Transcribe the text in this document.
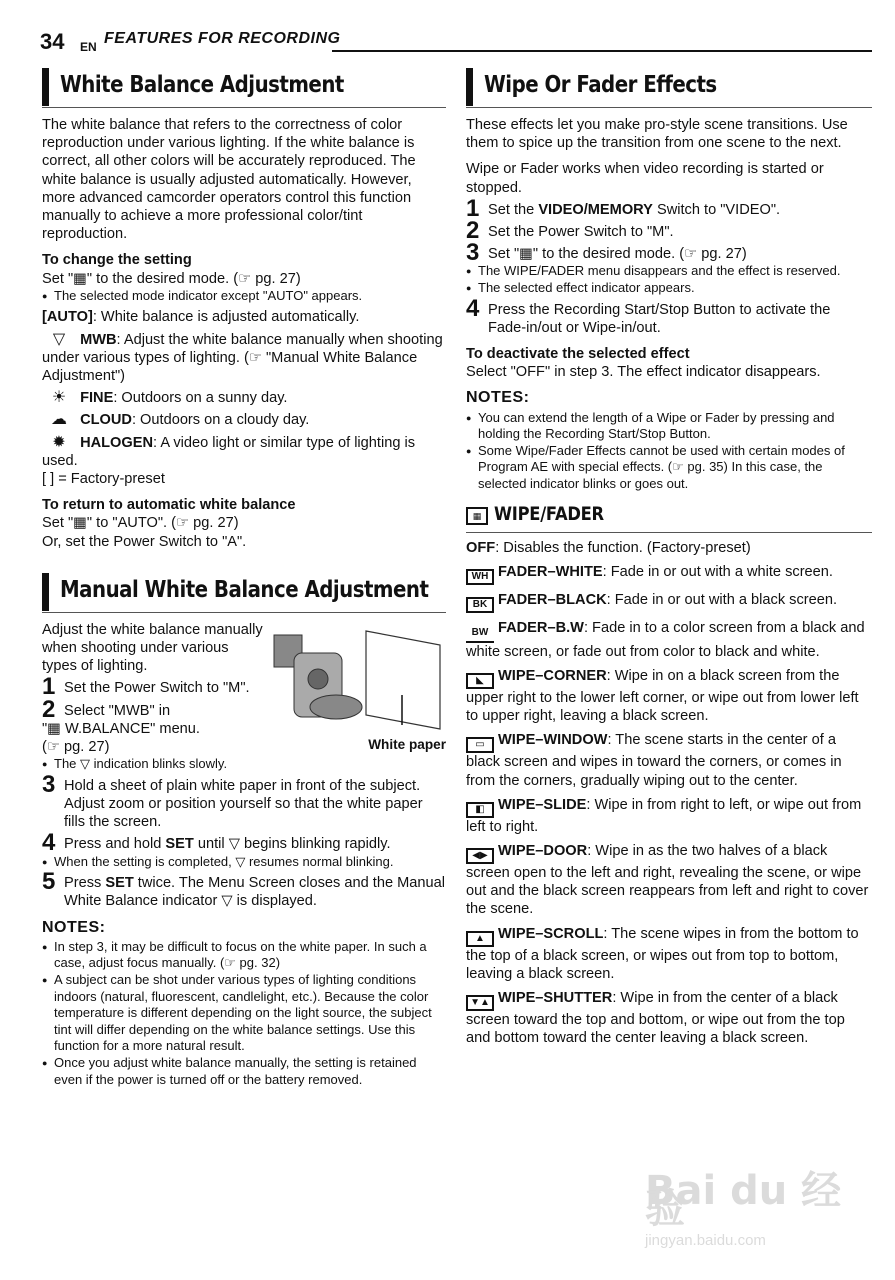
34 EN FEATURES FOR RECORDING
White Balance Adjustment

The white balance that refers to the correctness of color reproduction under various lighting. If the white balance is correct, all other colors will be accurately reproduced. The white balance is usually adjusted automatically. However, more advanced camcorder operators control this function manually to achieve a more professional color/tint reproduction.

To change the setting

Set "▦" to the desired mode. (☞ pg. 27)

● The selected mode indicator except "AUTO" appears.

[AUTO]: White balance is adjusted automatically.

▽ MWB: Adjust the white balance manually when shooting under various types of lighting. (☞ "Manual White Balance Adjustment")

☀ FINE: Outdoors on a sunny day.

☁ CLOUD: Outdoors on a cloudy day.

✹ HALOGEN: A video light or similar type of lighting is used.

[ ] = Factory-preset

To return to automatic white balance

Set "▦" to "AUTO". (☞ pg. 27)

Or, set the Power Switch to "A".

Manual White Balance Adjustment

Adjust the white balance manually when shooting under various types of lighting.

1 Set the Power Switch to "M".
2 Select "MWB" in

"▦ W.BALANCE" menu.

(☞ pg. 27)

● The ▽ indication blinks slowly.

3 Hold a sheet of plain white paper in front of the subject. Adjust zoom or position yourself so that the white paper fills the screen.
4 Press and hold SET until ▽ begins blinking rapidly.

● When the setting is completed, ▽ resumes normal blinking.

5 Press SET twice. The Menu Screen closes and the Manual White Balance indicator ▽ is displayed.

NOTES:

● In step 3, it may be difficult to focus on the white paper. In such a case, adjust focus manually. (☞ pg. 32)

● A subject can be shot under various types of lighting conditions indoors (natural, fluorescent, candlelight, etc.). Because the color temperature is different depending on the light source, the subject tint will differ depending on the white balance settings. Use this function for a more natural result.

● Once you adjust white balance manually, the setting is retained even if the power is turned off or the battery removed.

White paper
Wipe Or Fader Effects

These effects let you make pro-style scene transitions. Use them to spice up the transition from one scene to the next.

Wipe or Fader works when video recording is started or stopped.

1 Set the VIDEO/MEMORY Switch to "VIDEO".
2 Set the Power Switch to "M".
3 Set "▦" to the desired mode. (☞ pg. 27)

● The WIPE/FADER menu disappears and the effect is reserved.

● The selected effect indicator appears.

4 Press the Recording Start/Stop Button to activate the Fade-in/out or Wipe-in/out.

To deactivate the selected effect

Select "OFF" in step 3. The effect indicator disappears.

NOTES:

● You can extend the length of a Wipe or Fader by pressing and holding the Recording Start/Stop Button.

● Some Wipe/Fader Effects cannot be used with certain modes of Program AE with special effects. (☞ pg. 35) In this case, the selected indicator blinks or goes out.

▦ WIPE/FADER

OFF: Disables the function. (Factory-preset)

WH FADER–WHITE: Fade in or out with a white screen.

BK FADER–BLACK: Fade in or out with a black screen.

BW FADER–B.W: Fade in to a color screen from a black and white screen, or fade out from color to black and white.

◣ WIPE–CORNER: Wipe in on a black screen from the upper right to the lower left corner, or wipe out from lower left to upper right, leaving a black screen.

▭ WIPE–WINDOW: The scene starts in the center of a black screen and wipes in toward the corners, or comes in from the corners, gradually wiping out to the center.

◧ WIPE–SLIDE: Wipe in from right to left, or wipe out from left to right.

◀▶ WIPE–DOOR: Wipe in as the two halves of a black screen open to the left and right, revealing the scene, or wipe out and the black screen reappears from left and right to cover the scene.

▲ WIPE–SCROLL: The scene wipes in from the bottom to the top of a black screen, or wipes out from top to bottom, leaving a black screen.

▼▲ WIPE–SHUTTER: Wipe in from the center of a black screen toward the top and bottom, or wipe out from the top and bottom toward the center leaving a black screen.

Bai du 经验
jingyan.baidu.com
